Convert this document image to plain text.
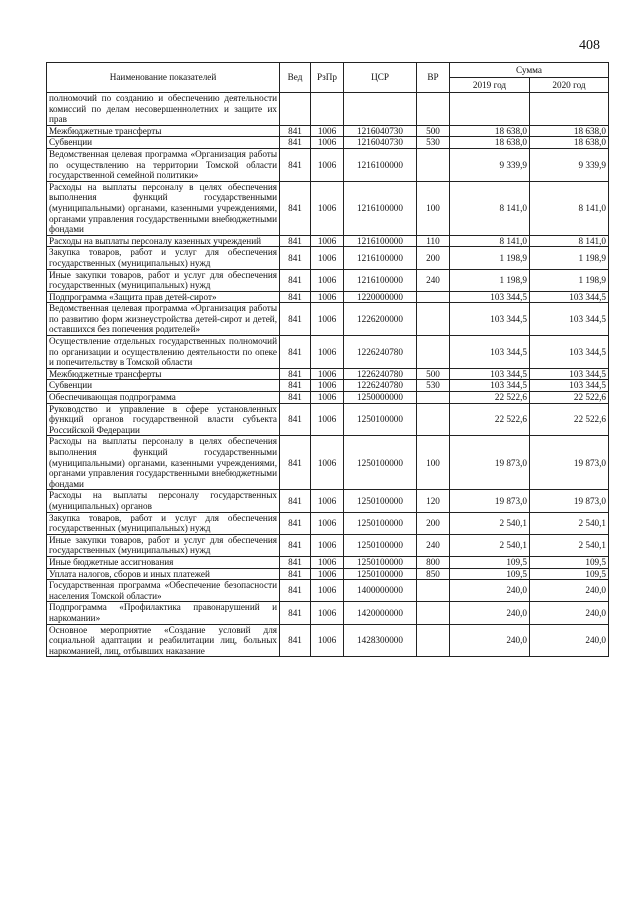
408
Наименование показателей	Вед	РзПр	ЦСР	ВР	Сумма	
					2019 год	2020 год
полномочий по созданию и обеспечению деятельности комиссий по делам несовершеннолетних и защите их прав						
Межбюджетные трансферты	841	1006	1216040730	500	18 638,0	18 638,0
Субвенции	841	1006	1216040730	530	18 638,0	18 638,0
Ведомственная целевая программа «Организация работы по осуществлению на территории Томской области государственной семейной политики»	841	1006	1216100000		9 339,9	9 339,9
Расходы на выплаты персоналу в целях обеспечения выполнения функций государственными (муниципальными) органами, казенными учреждениями, органами управления государственными внебюджетными фондами	841	1006	1216100000	100	8 141,0	8 141,0
Расходы на выплаты персоналу казенных учреждений	841	1006	1216100000	110	8 141,0	8 141,0
Закупка товаров, работ и услуг для обеспечения государственных (муниципальных) нужд	841	1006	1216100000	200	1 198,9	1 198,9
Иные закупки товаров, работ и услуг для обеспечения государственных (муниципальных) нужд	841	1006	1216100000	240	1 198,9	1 198,9
Подпрограмма «Защита прав детей-сирот»	841	1006	1220000000		103 344,5	103 344,5
Ведомственная целевая программа «Организация работы по развитию форм жизнеустройства детей-сирот и детей, оставшихся без попечения родителей»	841	1006	1226200000		103 344,5	103 344,5
Осуществление отдельных государственных полномочий по организации и осуществлению деятельности по опеке и попечительству в Томской области	841	1006	1226240780		103 344,5	103 344,5
Межбюджетные трансферты	841	1006	1226240780	500	103 344,5	103 344,5
Субвенции	841	1006	1226240780	530	103 344,5	103 344,5
Обеспечивающая подпрограмма	841	1006	1250000000		22 522,6	22 522,6
Руководство и управление в сфере установленных функций органов государственной власти субъекта Российской Федерации	841	1006	1250100000		22 522,6	22 522,6
Расходы на выплаты персоналу в целях обеспечения выполнения функций государственными (муниципальными) органами, казенными учреждениями, органами управления государственными внебюджетными фондами	841	1006	1250100000	100	19 873,0	19 873,0
Расходы на выплаты персоналу государственных (муниципальных) органов	841	1006	1250100000	120	19 873,0	19 873,0
Закупка товаров, работ и услуг для обеспечения государственных (муниципальных) нужд	841	1006	1250100000	200	2 540,1	2 540,1
Иные закупки товаров, работ и услуг для обеспечения государственных (муниципальных) нужд	841	1006	1250100000	240	2 540,1	2 540,1
Иные бюджетные ассигнования	841	1006	1250100000	800	109,5	109,5
Уплата налогов, сборов и иных платежей	841	1006	1250100000	850	109,5	109,5
Государственная программа «Обеспечение безопасности населения Томской области»	841	1006	1400000000		240,0	240,0
Подпрограмма «Профилактика правонарушений и наркомании»	841	1006	1420000000		240,0	240,0
Основное мероприятие «Создание условий для социальной адаптации и реабилитации лиц, больных наркоманией, лиц, отбывших наказание	841	1006	1428300000		240,0	240,0
